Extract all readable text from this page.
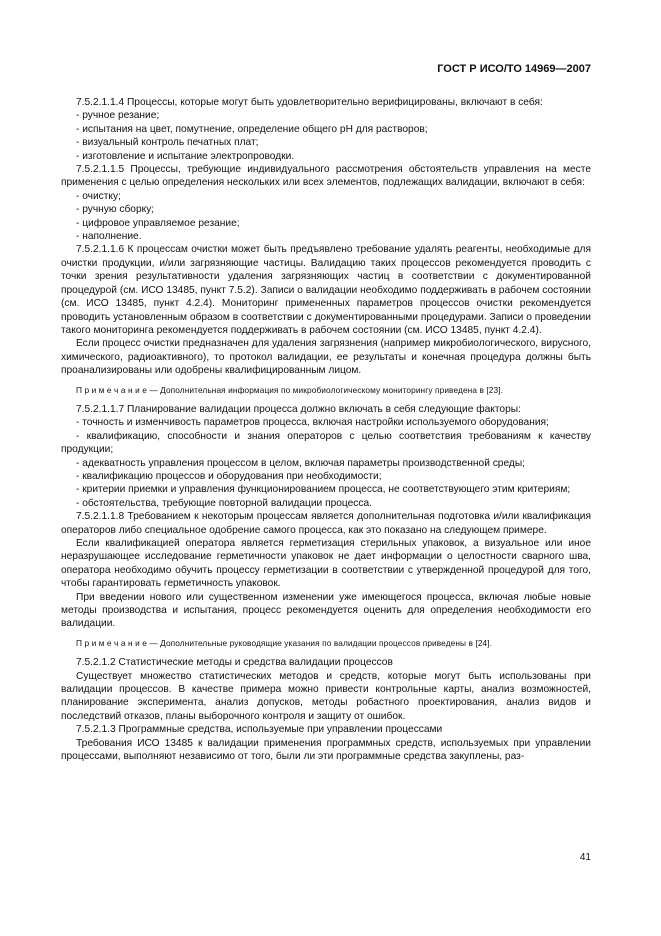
ГОСТ Р ИСО/ТО 14969—2007

7.5.2.1.1.4 Процессы, которые могут быть удовлетворительно верифицированы, включают в себя:

- ручное резание;

- испытания на цвет, помутнение, определение общего pH для растворов;

- визуальный контроль печатных плат;

- изготовление и испытание электропроводки.

7.5.2.1.1.5 Процессы, требующие индивидуального рассмотрения обстоятельств управления на месте применения с целью определения нескольких или всех элементов, подлежащих валидации, включают в себя:

- очистку;

- ручную сборку;

- цифровое управляемое резание;

- наполнение.

7.5.2.1.1.6 К процессам очистки может быть предъявлено требование удалять реагенты, необходимые для очистки продукции, и/или загрязняющие частицы. Валидацию таких процессов рекомендуется проводить с точки зрения результативности удаления загрязняющих частиц в соответствии с документированной процедурой (см. ИСО 13485, пункт 7.5.2). Записи о валидации необходимо поддерживать в рабочем состоянии (см. ИСО 13485, пункт 4.2.4). Мониторинг примененных параметров процессов очистки рекомендуется проводить установленным образом в соответствии с документированными процедурами. Записи о проведении такого мониторинга рекомендуется поддерживать в рабочем состоянии (см. ИСО 13485, пункт 4.2.4).

Если процесс очистки предназначен для удаления загрязнения (например микробиологического, вирусного, химического, радиоактивного), то протокол валидации, ее результаты и конечная процедура должны быть проанализированы или одобрены квалифицированным лицом.

П р и м е ч а н и е — Дополнительная информация по микробиологическому мониторингу приведена в [23].

7.5.2.1.1.7 Планирование валидации процесса должно включать в себя следующие факторы:

- точность и изменчивость параметров процесса, включая настройки используемого оборудования;

- квалификацию, способности и знания операторов с целью соответствия требованиям к качеству продукции;

- адекватность управления процессом в целом, включая параметры производственной среды;

- квалификацию процессов и оборудования при необходимости;

- критерии приемки и управления функционированием процесса, не соответствующего этим критериям;

- обстоятельства, требующие повторной валидации процесса.

7.5.2.1.1.8 Требованием к некоторым процессам является дополнительная подготовка и/или квалификация операторов либо специальное одобрение самого процесса, как это показано на следующем примере.

Если квалификацией оператора является герметизация стерильных упаковок, а визуальное или иное неразрушающее исследование герметичности упаковок не дает информации о целостности сварного шва, оператора необходимо обучить процессу герметизации в соответствии с утвержденной процедурой для того, чтобы гарантировать герметичность упаковок.

При введении нового или существенном изменении уже имеющегося процесса, включая любые новые методы производства и испытания, процесс рекомендуется оценить для определения необходимости его валидации.

П р и м е ч а н и е — Дополнительные руководящие указания по валидации процессов приведены в [24].

7.5.2.1.2 Статистические методы и средства валидации процессов

Существует множество статистических методов и средств, которые могут быть использованы при валидации процессов. В качестве примера можно привести контрольные карты, анализ возможностей, планирование эксперимента, анализ допусков, методы робастного проектирования, анализ видов и последствий отказов, планы выборочного контроля и защиту от ошибок.

7.5.2.1.3 Программные средства, используемые при управлении процессами

Требования ИСО 13485 к валидации применения программных средств, используемых при управлении процессами, выполняют независимо от того, были ли эти программные средства закуплены, раз-

41
